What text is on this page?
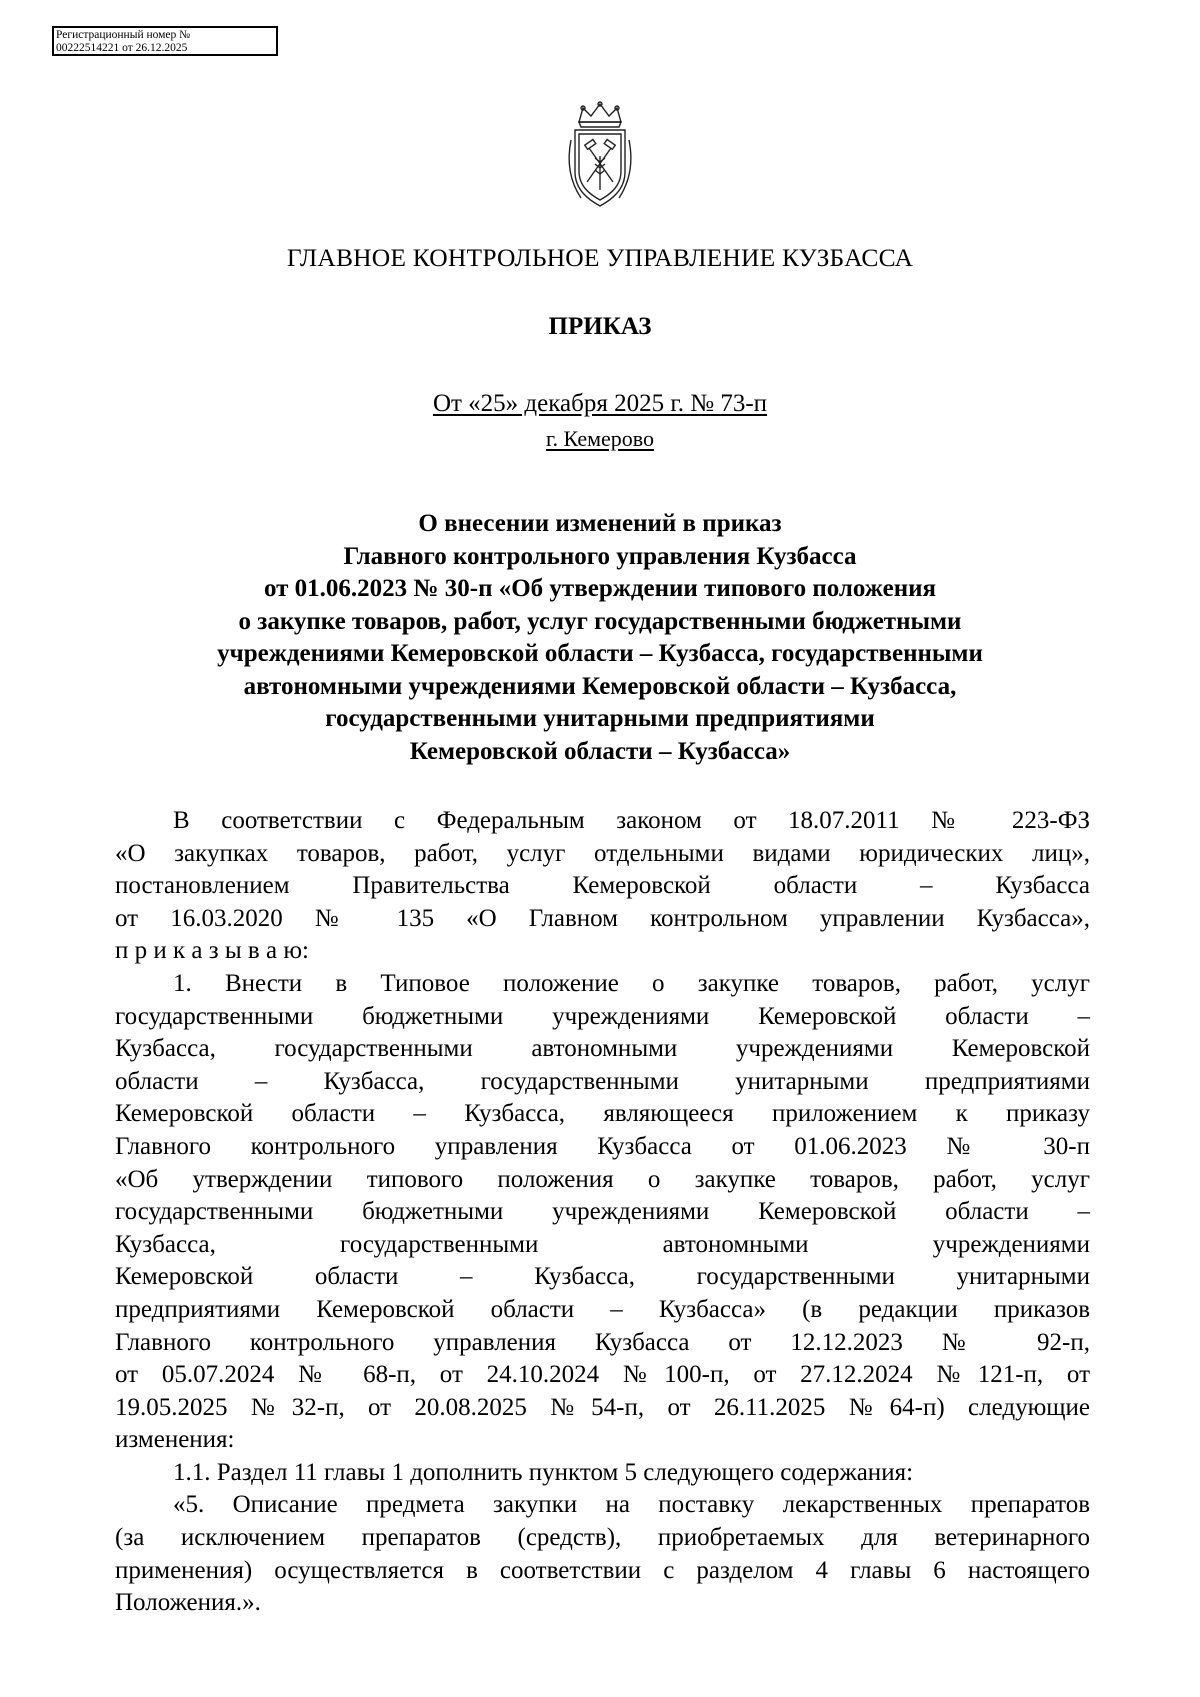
Регистрационный номер №
00222514221 от 26.12.2025
ГЛАВНОЕ КОНТРОЛЬНОЕ УПРАВЛЕНИЕ КУЗБАССА
ПРИКАЗ
От «25» декабря 2025 г. № 73-п
г. Кемерово
О внесении изменений в приказ
Главного контрольного управления Кузбасса
от 01.06.2023 № 30-п «Об утверждении типового положения
о закупке товаров, работ, услуг государственными бюджетными
учреждениями Кемеровской области – Кузбасса, государственными
автономными учреждениями Кемеровской области – Кузбасса,
государственными унитарными предприятиями
Кемеровской области – Кузбасса»

В соответствии с Федеральным законом от 18.07.2011 № 223-ФЗ
«О закупках товаров, работ, услуг отдельными видами юридических лиц»,
постановлением Правительства Кемеровской области – Кузбасса
от 16.03.2020 № 135 «О Главном контрольном управлении Кузбасса»,
п р и к а з ы в а ю:

1. Внести в Типовое положение о закупке товаров, работ, услуг
государственными бюджетными учреждениями Кемеровской области –
Кузбасса, государственными автономными учреждениями Кемеровской
области – Кузбасса, государственными унитарными предприятиями
Кемеровской области – Кузбасса, являющееся приложением к приказу
Главного контрольного управления Кузбасса от 01.06.2023 № 30-п
«Об утверждении типового положения о закупке товаров, работ, услуг
государственными бюджетными учреждениями Кемеровской области –
Кузбасса, государственными автономными учреждениями
Кемеровской области – Кузбасса, государственными унитарными
предприятиями Кемеровской области – Кузбасса» (в редакции приказов
Главного контрольного управления Кузбасса от 12.12.2023 № 92-п,
от 05.07.2024 № 68-п, от 24.10.2024 №100-п, от 27.12.2024 №121-п, от
19.05.2025 №32-п, от 20.08.2025 №54-п, от 26.11.2025 №64-п) следующие
изменения:

1.1. Раздел 11 главы 1 дополнить пунктом 5 следующего содержания:

«5. Описание предмета закупки на поставку лекарственных препаратов
(за исключением препаратов (средств), приобретаемых для ветеринарного
применения) осуществляется в соответствии с разделом 4 главы 6 настоящего
Положения.».
